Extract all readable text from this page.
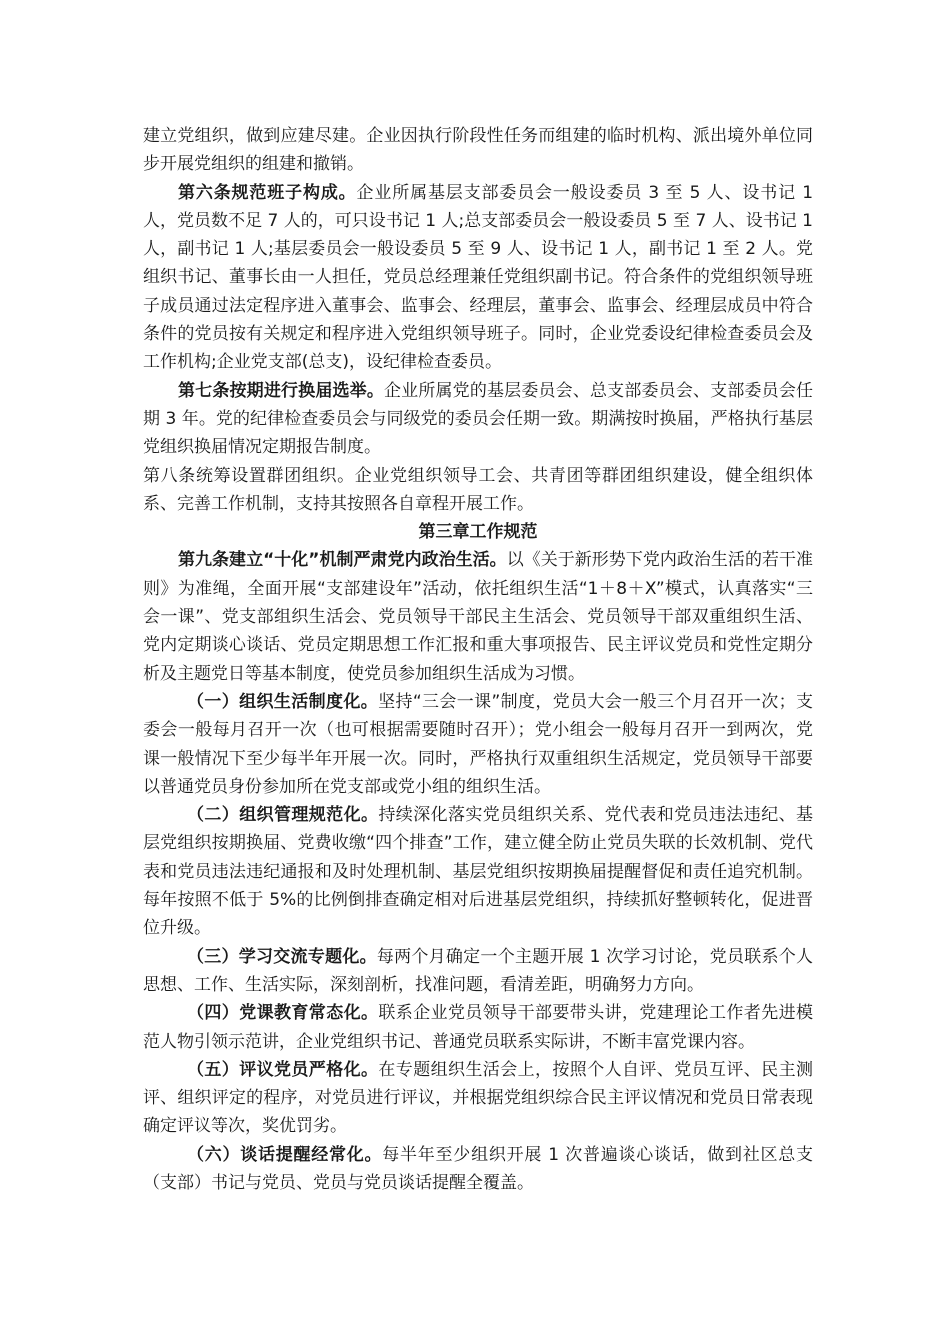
建立党组织，做到应建尽建。企业因执行阶段性任务而组建的临时机构、派出境外单位同步开展党组织的组建和撤销。

第六条规范班子构成。企业所属基层支部委员会一般设委员 3 至 5 人、设书记 1 人，党员数不足 7 人的，可只设书记 1 人;总支部委员会一般设委员 5 至 7 人、设书记 1 人，副书记 1 人;基层委员会一般设委员 5 至 9 人、设书记 1 人，副书记 1 至 2 人。党组织书记、董事长由一人担任，党员总经理兼任党组织副书记。符合条件的党组织领导班子成员通过法定程序进入董事会、监事会、经理层，董事会、监事会、经理层成员中符合条件的党员按有关规定和程序进入党组织领导班子。同时，企业党委设纪律检查委员会及工作机构;企业党支部(总支)，设纪律检查委员。

第七条按期进行换届选举。企业所属党的基层委员会、总支部委员会、支部委员会任期 3 年。党的纪律检查委员会与同级党的委员会任期一致。期满按时换届，严格执行基层党组织换届情况定期报告制度。

第八条统筹设置群团组织。企业党组织领导工会、共青团等群团组织建设，健全组织体系、完善工作机制，支持其按照各自章程开展工作。

第三章工作规范

第九条建立“十化”机制严肃党内政治生活。以《关于新形势下党内政治生活的若干准则》为准绳，全面开展“支部建设年”活动，依托组织生活“1＋8＋X”模式，认真落实“三会一课”、党支部组织生活会、党员领导干部民主生活会、党员领导干部双重组织生活、党内定期谈心谈话、党员定期思想工作汇报和重大事项报告、民主评议党员和党性定期分析及主题党日等基本制度，使党员参加组织生活成为习惯。

（一）组织生活制度化。坚持“三会一课”制度，党员大会一般三个月召开一次；支委会一般每月召开一次（也可根据需要随时召开）；党小组会一般每月召开一到两次，党课一般情况下至少每半年开展一次。同时，严格执行双重组织生活规定，党员领导干部要以普通党员身份参加所在党支部或党小组的组织生活。

（二）组织管理规范化。持续深化落实党员组织关系、党代表和党员违法违纪、基层党组织按期换届、党费收缴“四个排查”工作，建立健全防止党员失联的长效机制、党代表和党员违法违纪通报和及时处理机制、基层党组织按期换届提醒督促和责任追究机制。每年按照不低于 5%的比例倒排查确定相对后进基层党组织，持续抓好整顿转化，促进晋位升级。

（三）学习交流专题化。每两个月确定一个主题开展 1 次学习讨论，党员联系个人思想、工作、生活实际，深刻剖析，找准问题，看清差距，明确努力方向。

（四）党课教育常态化。联系企业党员领导干部要带头讲，党建理论工作者先进模范人物引领示范讲，企业党组织书记、普通党员联系实际讲，不断丰富党课内容。

（五）评议党员严格化。在专题组织生活会上，按照个人自评、党员互评、民主测评、组织评定的程序，对党员进行评议，并根据党组织综合民主评议情况和党员日常表现确定评议等次，奖优罚劣。

（六）谈话提醒经常化。每半年至少组织开展 1 次普遍谈心谈话，做到社区总支（支部）书记与党员、党员与党员谈话提醒全覆盖。
